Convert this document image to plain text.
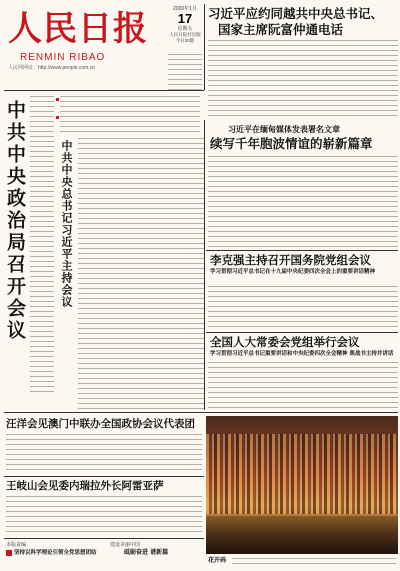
人民日报
RENMIN RIBAO
人民网网址：http://www.people.com.cn
2020年1月
17
星期五
人民日报社出版
今日20版
习近平应约同越共中央总书记、
国家主席阮富仲通电话
中共中央政治局召开会议	中共中央总书记习近平主持会议
习近平在缅甸媒体发表署名文章
续写千年胞波情谊的崭新篇章
李克强主持召开国务院党组会议
学习贯彻习近平总书记在十九届中央纪委四次全会上的重要讲话精神
全国人大常委会党组举行会议
学习贯彻习近平总书记重要讲话和中央纪委四次全会精神 栗战书主持并讲话
汪洋会见澳门中联办全国政协会议代表团
王岐山会见委内瑞拉外长阿雷亚萨
花开码
本版责编
坚持以科学理论引领全党思想团结
建设美丽中国
砥砺奋进 谱新篇
